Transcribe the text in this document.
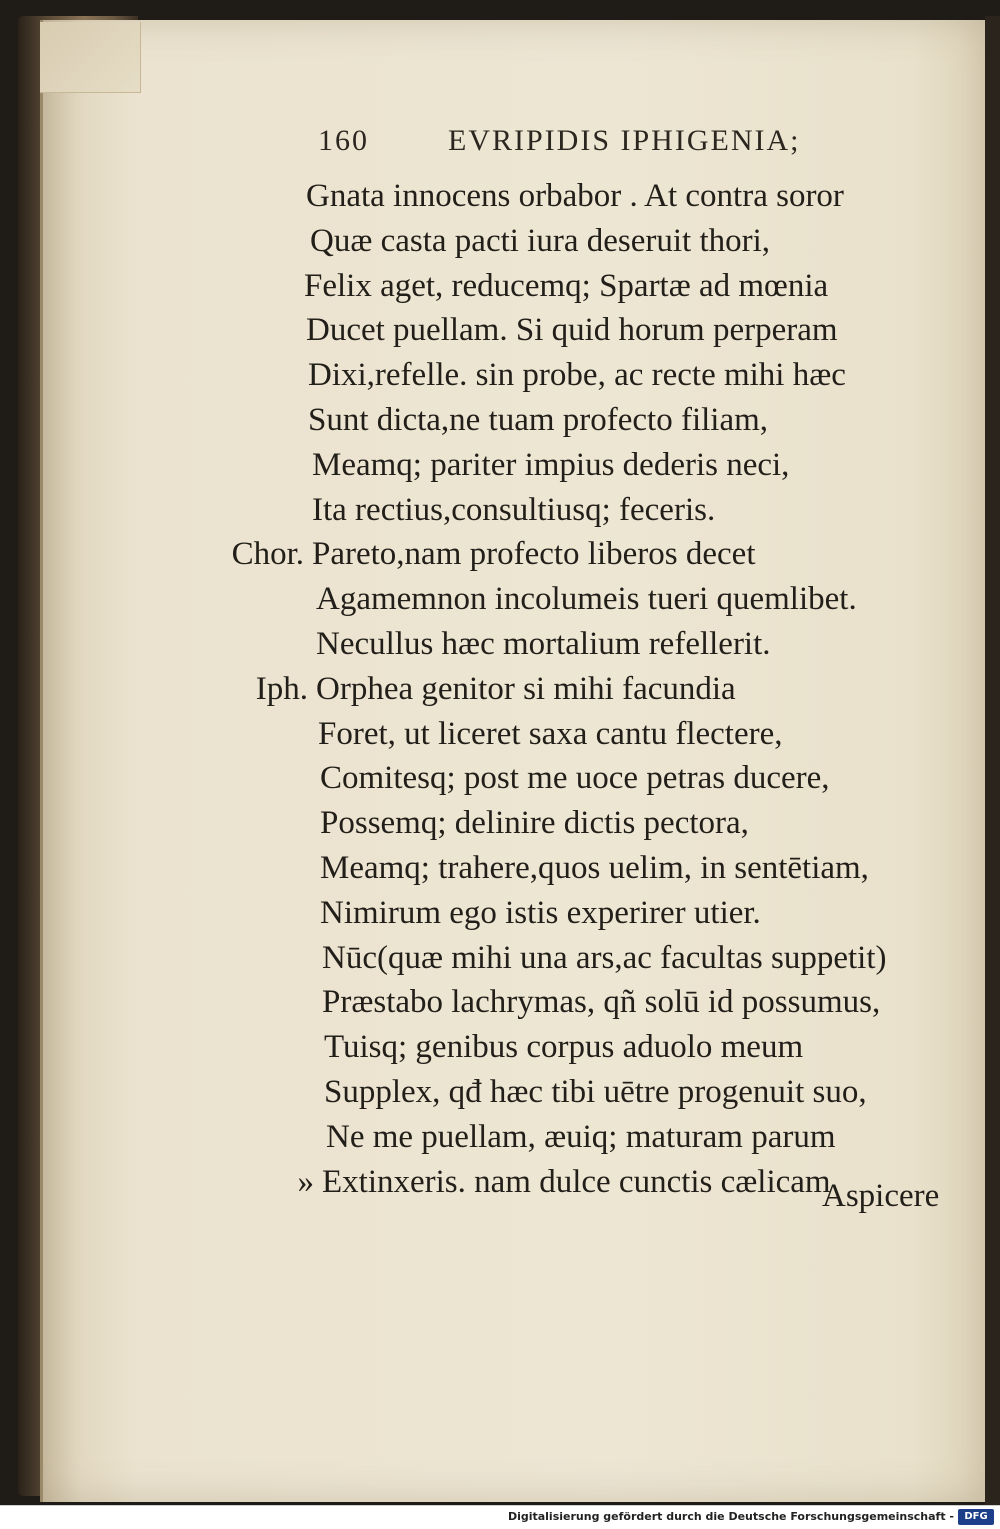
160	EVRIPIDIS IPHIGENIA;
Gnata innocens orbabor . At contra soror
Quæ casta pacti iura deseruit thori,
Felix aget, reducemq; Spartæ ad mœnia
Ducet puellam. Si quid horum perperam
Dixi,refelle. sin probe, ac recte mihi hæc
Sunt dicta,ne tuam profecto filiam,
Meamq; pariter impius dederis neci,
Ita rectius,consultiusq; feceris.
Pareto,nam profecto liberos decet
Chor.
Agamemnon incolumeis tueri quemlibet.
Necullus hæc mortalium refellerit.
Orphea genitor si mihi facundia
Iph.
Foret, ut liceret saxa cantu flectere,
Comitesq; post me uoce petras ducere,
Possemq; delinire dictis pectora,
Meamq; trahere,quos uelim, in sentētiam,
Nimirum ego istis experirer utier.
Nūc(quæ mihi una ars,ac facultas suppetit)
Præstabo lachrymas, qñ solū id possumus,
Tuisq; genibus corpus aduolo meum
Supplex, qđ hæc tibi uētre progenuit suo,
Ne me puellam, æuiq; maturam parum
Extinxeris. nam dulce cunctis cælicam
»	Aspicere
Digitalisierung gefördert durch die Deutsche Forschungsgemeinschaft -	DFG
